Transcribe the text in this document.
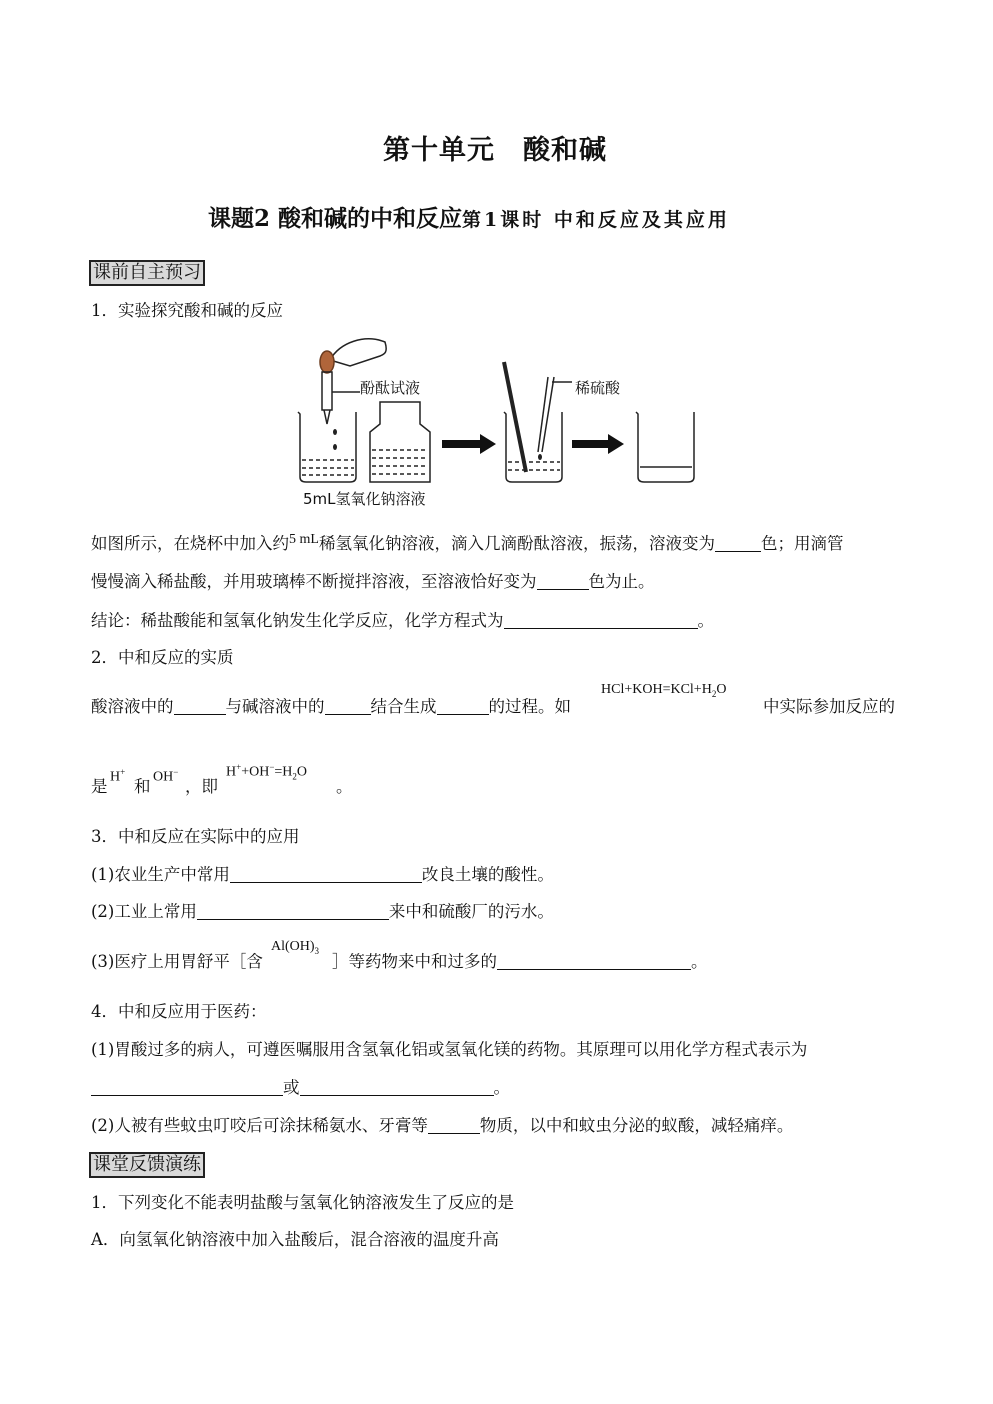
第十单元　酸和碱
课题2 酸和碱的中和反应第1课时 中和反应及其应用
课前自主预习
1．实验探究酸和碱的反应
酚酞试液	稀硫酸
5mL氢氧化钠溶液
如图所示，在烧杯中加入约$^{5 mL}$稀氢氧化钠溶液，滴入几滴酚酞溶液，振荡，溶液变为	色；用滴管
慢慢滴入稀盐酸，并用玻璃棒不断搅拌溶液，至溶液恰好变为	色为止。
结论：稀盐酸能和氢氧化钠发生化学反应，化学方程式为	。
2．中和反应的实质
酸溶液中的	与碱溶液中的	结合生成	的过程。如
$HCl+KOH=KCl+H_2O$
中实际参加反应的
是 H+
和 OH−
，即
$H^++OH^-=H_2O$
。
3．中和反应在实际中的应用
(1)农业生产中常用	改良土壤的酸性。
(2)工业上常用	来中和硫酸厂的污水。
(3)医疗上用胃舒平［含
$Al(OH)_3$
］等药物来中和过多的	。
4．中和反应用于医药：
(1)胃酸过多的病人，可遵医嘱服用含氢氧化铝或氢氧化镁的药物。其原理可以用化学方程式表示为
或	。
(2)人被有些蚊虫叮咬后可涂抹稀氨水、牙膏等	物质，以中和蚊虫分泌的蚁酸，减轻痛痒。
课堂反馈演练
1．下列变化不能表明盐酸与氢氧化钠溶液发生了反应的是
A．向氢氧化钠溶液中加入盐酸后，混合溶液的温度升高
